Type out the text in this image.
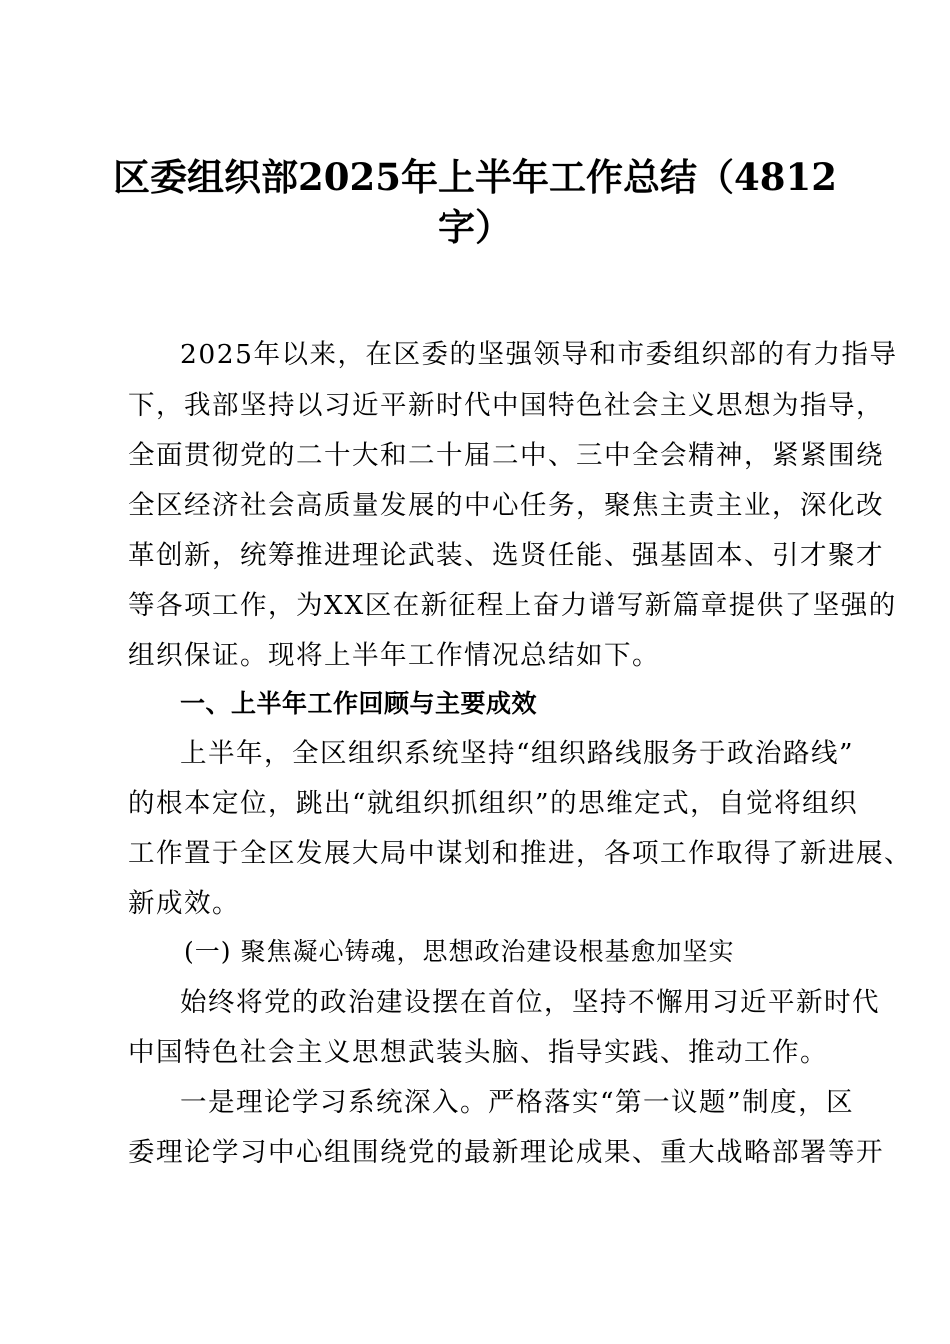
区委组织部2025年上半年工作总结（4812
字）
2025年以来，在区委的坚强领导和市委组织部的有力指导
下，我部坚持以习近平新时代中国特色社会主义思想为指导，
全面贯彻党的二十大和二十届二中、三中全会精神，紧紧围绕
全区经济社会高质量发展的中心任务，聚焦主责主业，深化改
革创新，统筹推进理论武装、选贤任能、强基固本、引才聚才
等各项工作，为XX区在新征程上奋力谱写新篇章提供了坚强的
组织保证。现将上半年工作情况总结如下。
一、上半年工作回顾与主要成效
上半年，全区组织系统坚持“组织路线服务于政治路线”
的根本定位，跳出“就组织抓组织”的思维定式，自觉将组织
工作置于全区发展大局中谋划和推进，各项工作取得了新进展、
新成效。
(一) 聚焦凝心铸魂，思想政治建设根基愈加坚实
始终将党的政治建设摆在首位，坚持不懈用习近平新时代
中国特色社会主义思想武装头脑、指导实践、推动工作。
一是理论学习系统深入。严格落实“第一议题”制度，区
委理论学习中心组围绕党的最新理论成果、重大战略部署等开
